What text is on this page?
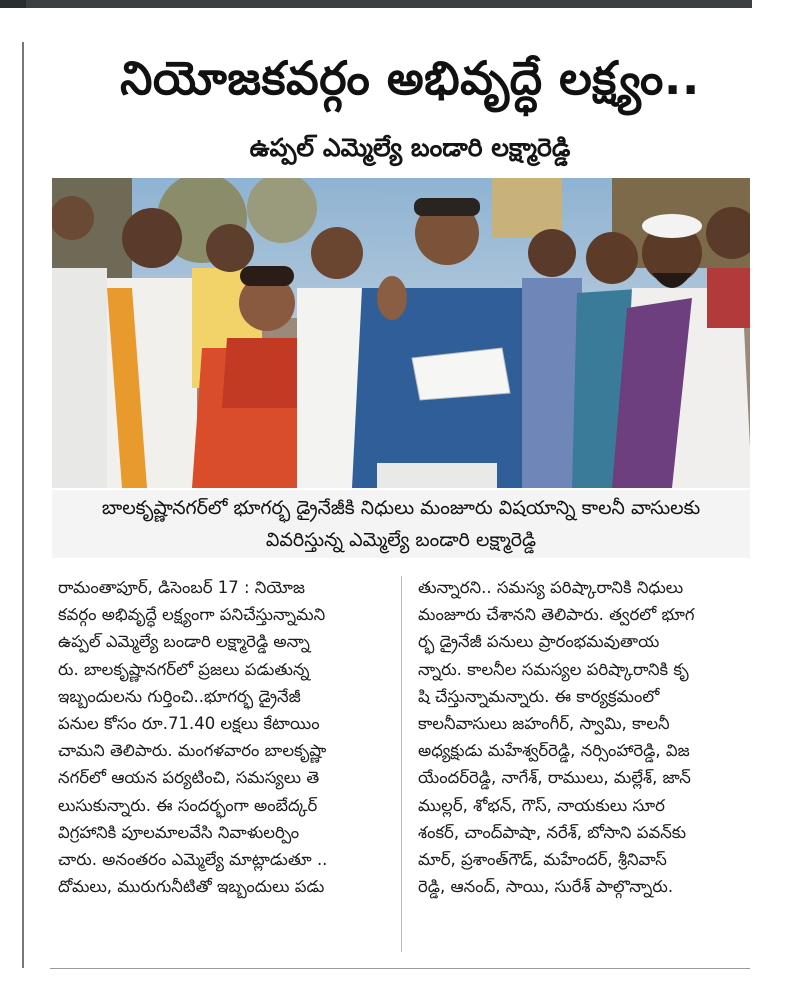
నియోజకవర్గం అభివృద్ధే లక్ష్యం..
ఉప్పల్ ఎమ్మెల్యే బండారి లక్ష్మారెడ్డి
బాలకృష్ణానగర్‌లో భూగర్భ డ్రైనేజీకి నిధులు మంజూరు విషయాన్ని కాలనీ వాసులకు
వివరిస్తున్న ఎమ్మెల్యే బండారి లక్ష్మారెడ్డి
రామంతాపూర్, డిసెంబర్ 17 : నియోజ
కవర్గం అభివృద్ధే లక్ష్యంగా పనిచేస్తున్నామని
ఉప్పల్ ఎమ్మెల్యే బండారి లక్ష్మారెడ్డి అన్నా
రు. బాలకృష్ణానగర్‌లో ప్రజలు పడుతున్న
ఇబ్బందులను గుర్తించి..భూగర్భ డ్రైనేజీ
పనుల కోసం రూ.71.40 లక్షలు కేటాయిం
చామని తెలిపారు. మంగళవారం బాలకృష్ణా
నగర్‌లో ఆయన పర్యటించి, సమస్యలు తె
లుసుకున్నారు. ఈ సందర్భంగా అంబేద్కర్
విగ్రహానికి పూలమాలవేసి నివాళులర్పిం
చారు. అనంతరం ఎమ్మెల్యే మాట్లాడుతూ ..
దోమలు, మురుగునీటితో ఇబ్బందులు పడు
తున్నారని.. సమస్య పరిష్కారానికి నిధులు
మంజూరు చేశానని తెలిపారు. త్వరలో భూగ
ర్భ డ్రైనేజీ పనులు ప్రారంభమవుతాయ
న్నారు. కాలనీల సమస్యల పరిష్కారానికి కృ
షి చేస్తున్నామన్నారు. ఈ కార్యక్రమంలో
కాలనీవాసులు జహంగీర్, స్వామి, కాలనీ
అధ్యక్షుడు మహేశ్వర్‌రెడ్డి, నర్సింహారెడ్డి, విజ
యేందర్‌రెడ్డి, నాగేశ్, రాములు, మల్లేశ్, జాన్
ముల్లర్, శోభన్, గౌస్, నాయకులు సూర
శంకర్, చాంద్‌పాషా, నరేశ్, బోసాని పవన్‌కు
మార్, ప్రశాంత్‌గౌడ్, మహేందర్, శ్రీనివాస్
రెడ్డి, ఆనంద్, సాయి, సురేశ్ పాల్గొన్నారు.
